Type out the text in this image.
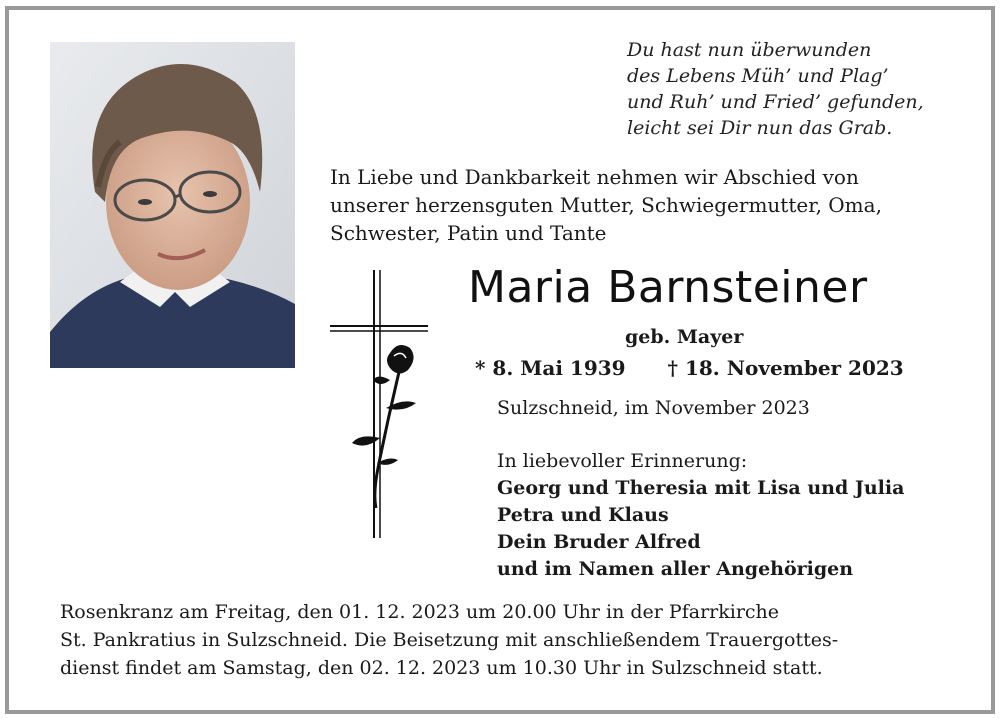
Du hast nun überwunden
des Lebens Müh’ und Plag’
und Ruh’ und Fried’ gefunden,
leicht sei Dir nun das Grab.
In Liebe und Dankbarkeit nehmen wir Abschied von
unserer herzensguten Mutter, Schwiegermutter, Oma,
Schwester, Patin und Tante
Maria Barnsteiner
geb. Mayer
* 8. Mai 1939 † 18. November 2023
Sulzschneid, im November 2023
In liebevoller Erinnerung:
Georg und Theresia mit Lisa und Julia
Petra und Klaus
Dein Bruder Alfred
und im Namen aller Angehörigen
Rosenkranz am Freitag, den 01. 12. 2023 um 20.00 Uhr in der Pfarrkirche
St. Pankratius in Sulzschneid. Die Beisetzung mit anschließendem Trauergottes-
dienst findet am Samstag, den 02. 12. 2023 um 10.30 Uhr in Sulzschneid statt.
